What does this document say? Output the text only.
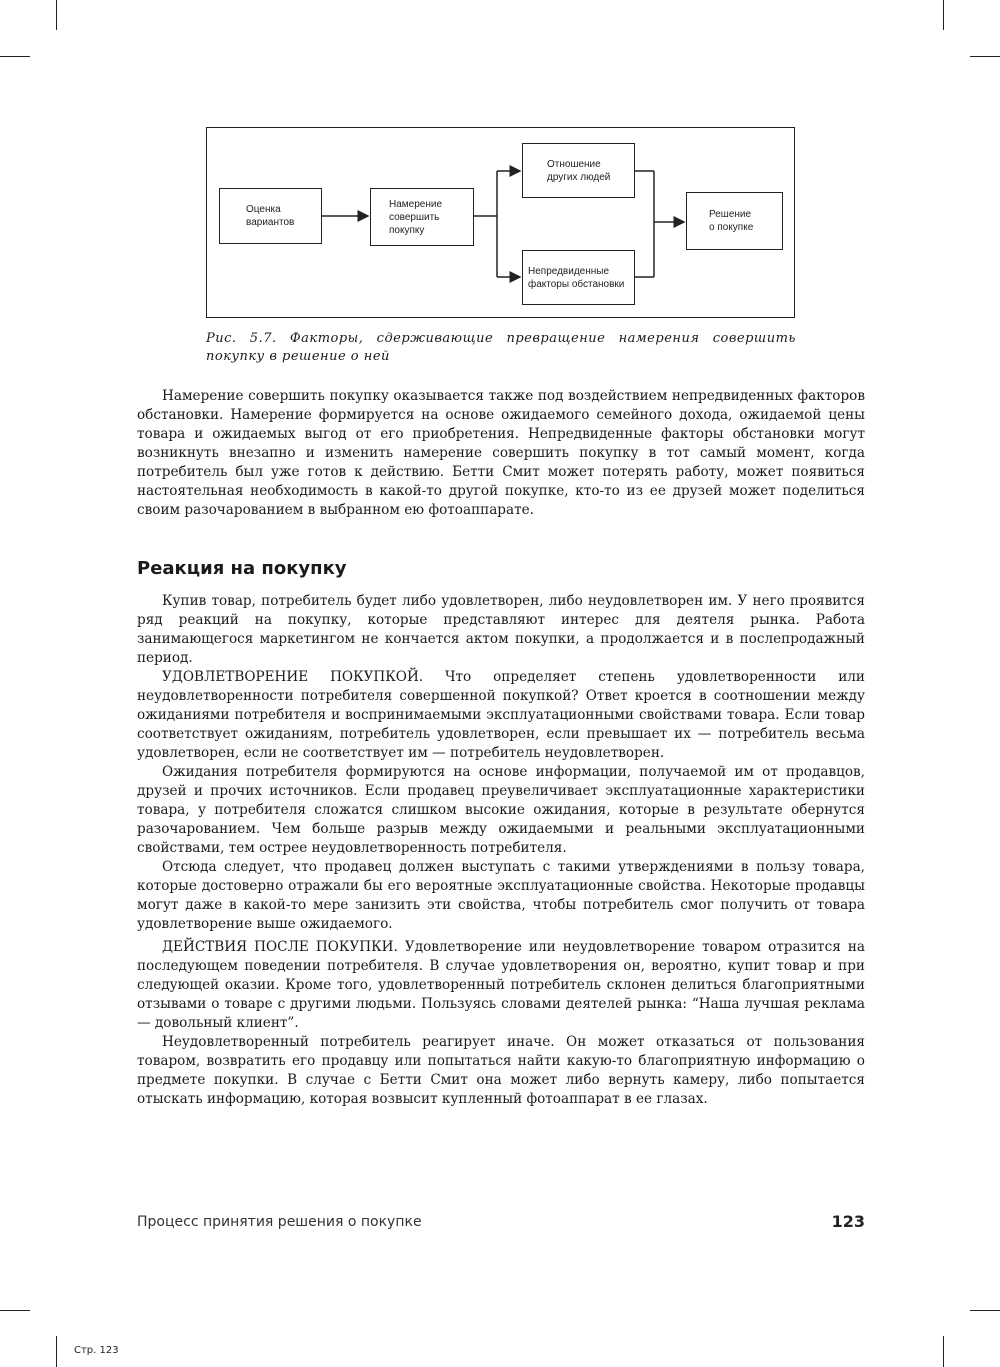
Оценка
вариантов
Намерение
совершить
покупку
Отношение
других людей
Непредвиденные
факторы обстановки
Решение
о покупке
Рис. 5.7. Факторы, сдерживающие превращение намерения совершить покупку в решение о ней

Намерение совершить покупку оказывается также под воздействием непредвиденных факторов обстановки. Намерение формируется на основе ожидаемого семейного дохода, ожидаемой цены товара и ожидаемых выгод от его приобретения. Непредвиденные факторы обстановки могут возникнуть внезапно и изменить намерение совершить покупку в тот самый момент, когда потребитель был уже готов к действию. Бетти Смит может потерять работу, может появиться настоятельная необходимость в какой-то другой покупке, кто-то из ее друзей может поделиться своим разочарованием в выбранном ею фотоаппарате.

Реакция на покупку

Купив товар, потребитель будет либо удовлетворен, либо неудовлетворен им. У него проявится ряд реакций на покупку, которые представляют интерес для деятеля рынка. Работа занимающегося маркетингом не кончается актом покупки, а продолжается и в послепродажный период.

УДОВЛЕТВОРЕНИЕ ПОКУПКОЙ. Что определяет степень удовлетворенности или неудовлетворенности потребителя совершенной покупкой? Ответ кроется в соотношении между ожиданиями потребителя и воспринимаемыми эксплуатационными свойствами товара. Если товар соответствует ожиданиям, потребитель удовлетворен, если превышает их — потребитель весьма удовлетворен, если не соответствует им — потребитель неудовлетворен.

Ожидания потребителя формируются на основе информации, получаемой им от продавцов, друзей и прочих источников. Если продавец преувеличивает эксплуатационные характеристики товара, у потребителя сложатся слишком высокие ожидания, которые в результате обернутся разочарованием. Чем больше разрыв между ожидаемыми и реальными эксплуатационными свойствами, тем острее неудовлетворенность потребителя.

Отсюда следует, что продавец должен выступать с такими утверждениями в пользу товара, которые достоверно отражали бы его вероятные эксплуатационные свойства. Некоторые продавцы могут даже в какой-то мере занизить эти свойства, чтобы потребитель смог получить от товара удовлетворение выше ожидаемого.

ДЕЙСТВИЯ ПОСЛЕ ПОКУПКИ. Удовлетворение или неудовлетворение товаром отразится на последующем поведении потребителя. В случае удовлетворения он, вероятно, купит товар и при следующей оказии. Кроме того, удовлетворенный потребитель склонен делиться благоприятными отзывами о товаре с другими людьми. Пользуясь словами деятелей рынка: “Наша лучшая реклама — довольный клиент”.

Неудовлетворенный потребитель реагирует иначе. Он может отказаться от пользования товаром, возвратить его продавцу или попытаться найти какую-то благоприятную информацию о предмете покупки. В случае с Бетти Смит она может либо вернуть камеру, либо попытается отыскать информацию, которая возвысит купленный фотоаппарат в ее глазах.

Процесс принятия решения о покупке	123
Стр. 123
